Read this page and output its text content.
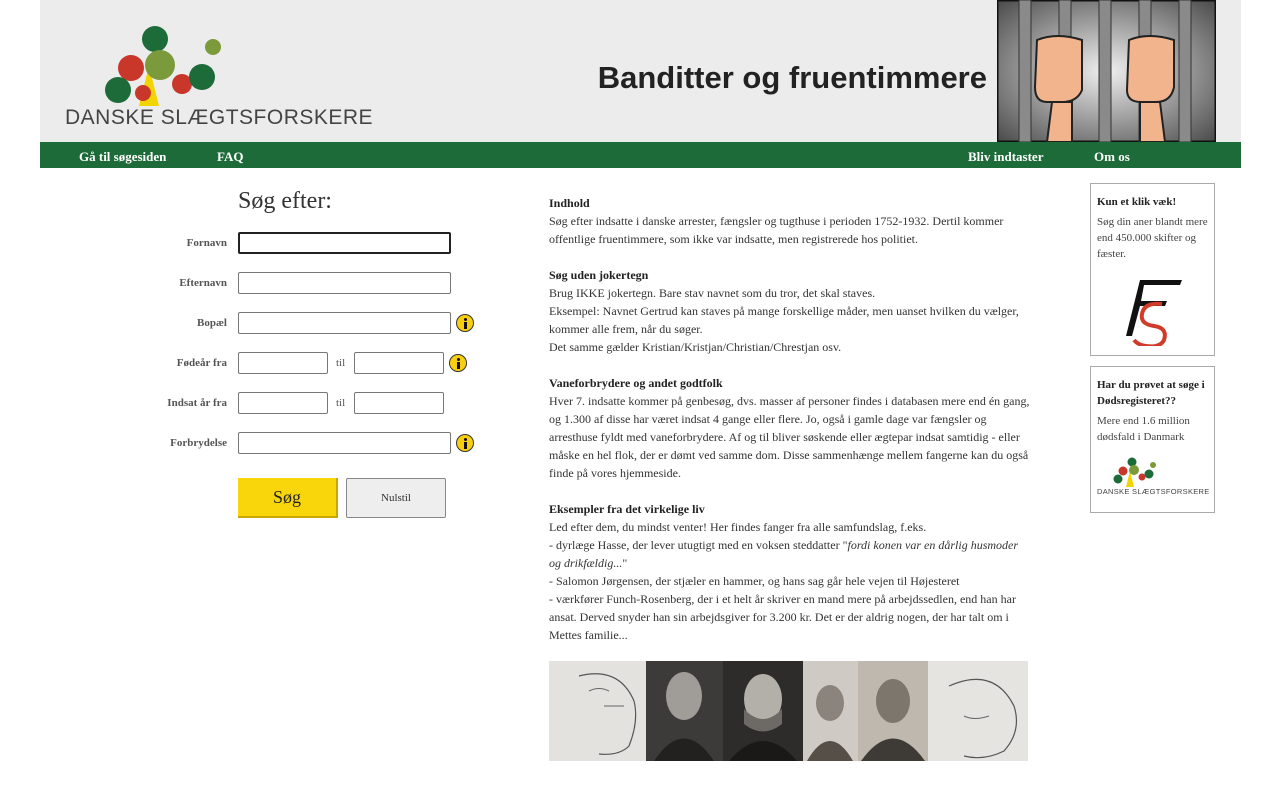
DANSKE SLÆGTSFORSKERE
Banditter og fruentimmere
Gå til søgesiden	FAQ	Bliv indtaster	Om os
Søg efter:
Fornavn
Efternavn
Bopæl
Fødeår fra	til
Indsat år fra	til
Forbrydelse
Søg	Nulstil

Indhold

Søg efter indsatte i danske arrester, fængsler og tugthuse i perioden 1752-1932. Dertil kommer offentlige fruentimmere, som ikke var indsatte, men registrerede hos politiet.

Søg uden jokertegn

Brug IKKE jokertegn. Bare stav navnet som du tror, det skal staves.

Eksempel: Navnet Gertrud kan staves på mange forskellige måder, men uanset hvilken du vælger, kommer alle frem, når du søger.

Det samme gælder Kristian/Kristjan/Christian/Chrestjan osv.

Vaneforbrydere og andet godtfolk

Hver 7. indsatte kommer på genbesøg, dvs. masser af personer findes i databasen mere end én gang, og 1.300 af disse har været indsat 4 gange eller flere. Jo, også i gamle dage var fængsler og arresthuse fyldt med vaneforbrydere. Af og til bliver søskende eller ægtepar indsat samtidig - eller måske en hel flok, der er dømt ved samme dom. Disse sammenhænge mellem fangerne kan du også finde på vores hjemmeside.

Eksempler fra det virkelige liv

Led efter dem, du mindst venter! Her findes fanger fra alle samfundslag, f.eks.

- dyrlæge Hasse, der lever utugtigt med en voksen steddatter "fordi konen var en dårlig husmoder og drikfældig..."

- Salomon Jørgensen, der stjæler en hammer, og hans sag går hele vejen til Højesteret

- værkfører Funch-Rosenberg, der i et helt år skriver en mand mere på arbejdssedlen, end han har ansat. Derved snyder han sin arbejdsgiver for 3.200 kr. Det er der aldrig nogen, der har talt om i Mettes familie...

Kun et klik væk!
Søg din aner blandt mere end 450.000 skifter og fæster.
Har du prøvet at søge i Dødsregisteret??
Mere end 1.6 million dødsfald i Danmark
DANSKE SLÆGTSFORSKERE
